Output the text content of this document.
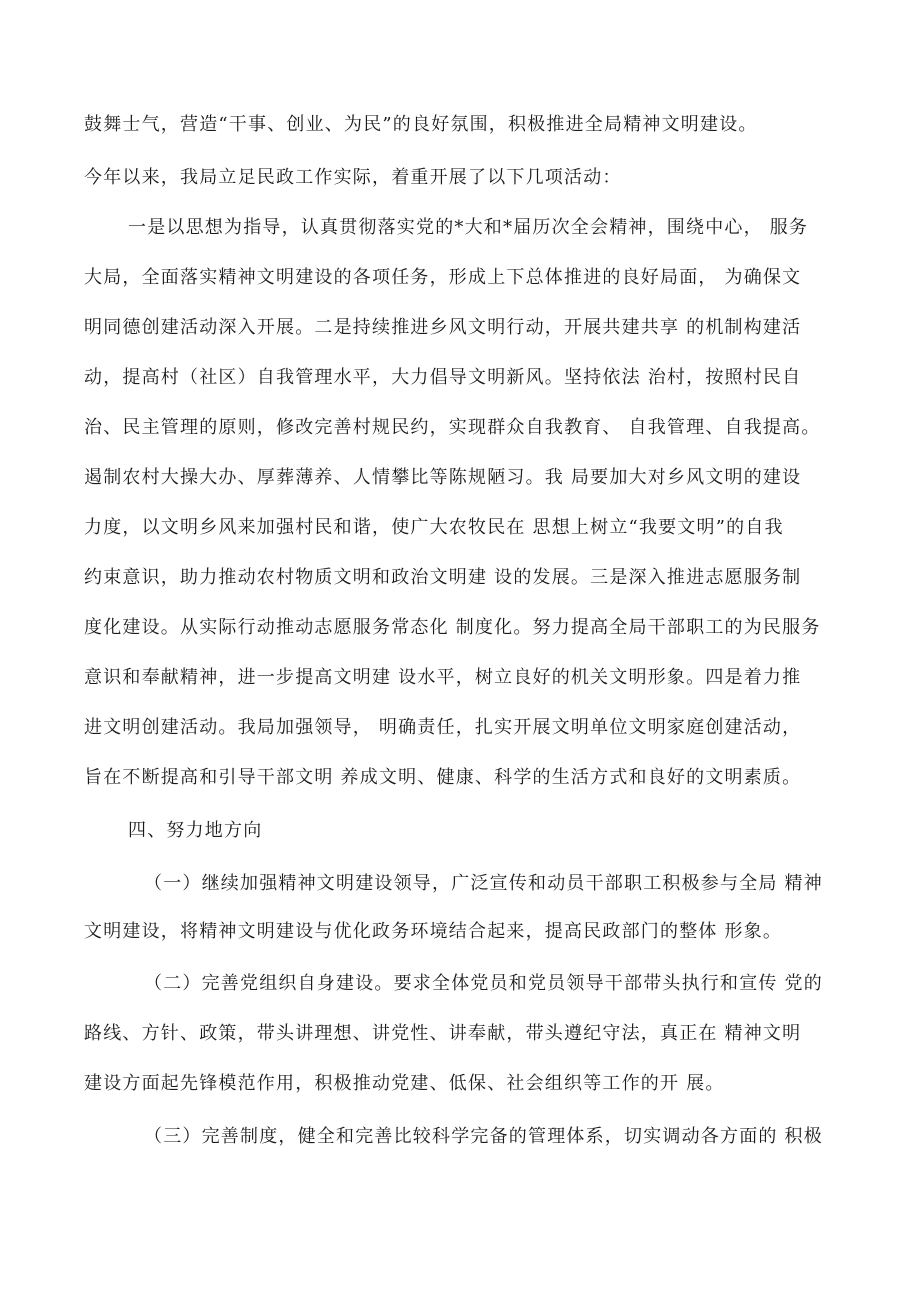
鼓舞士气，营造“干事、创业、为民”的良好氛围，积极推进全局精神文明建设。
今年以来，我局立足民政工作实际，着重开展了以下几项活动：
一是以思想为指导，认真贯彻落实党的*大和*届历次全会精神，围绕中心， 服务
大局，全面落实精神文明建设的各项任务，形成上下总体推进的良好局面， 为确保文
明同德创建活动深入开展。二是持续推进乡风文明行动，开展共建共享 的机制构建活
动，提高村（社区）自我管理水平，大力倡导文明新风。坚持依法 治村，按照村民自
治、民主管理的原则，修改完善村规民约，实现群众自我教育、 自我管理、自我提高。
遏制农村大操大办、厚葬薄养、人情攀比等陈规陋习。我 局要加大对乡风文明的建设
力度，以文明乡风来加强村民和谐，使广大农牧民在 思想上树立“我要文明”的自我
约束意识，助力推动农村物质文明和政治文明建 设的发展。三是深入推进志愿服务制
度化建设。从实际行动推动志愿服务常态化 制度化。努力提高全局干部职工的为民服务
意识和奉献精神，进一步提高文明建 设水平，树立良好的机关文明形象。四是着力推
进文明创建活动。我局加强领导， 明确责任，扎实开展文明单位文明家庭创建活动，
旨在不断提高和引导干部文明 养成文明、健康、科学的生活方式和良好的文明素质。
四、努力地方向
（一）继续加强精神文明建设领导，广泛宣传和动员干部职工积极参与全局 精神
文明建设，将精神文明建设与优化政务环境结合起来，提高民政部门的整体 形象。
（二）完善党组织自身建设。要求全体党员和党员领导干部带头执行和宣传 党的
路线、方针、政策，带头讲理想、讲党性、讲奉献，带头遵纪守法，真正在 精神文明
建设方面起先锋模范作用，积极推动党建、低保、社会组织等工作的开 展。
（三）完善制度，健全和完善比较科学完备的管理体系，切实调动各方面的 积极
